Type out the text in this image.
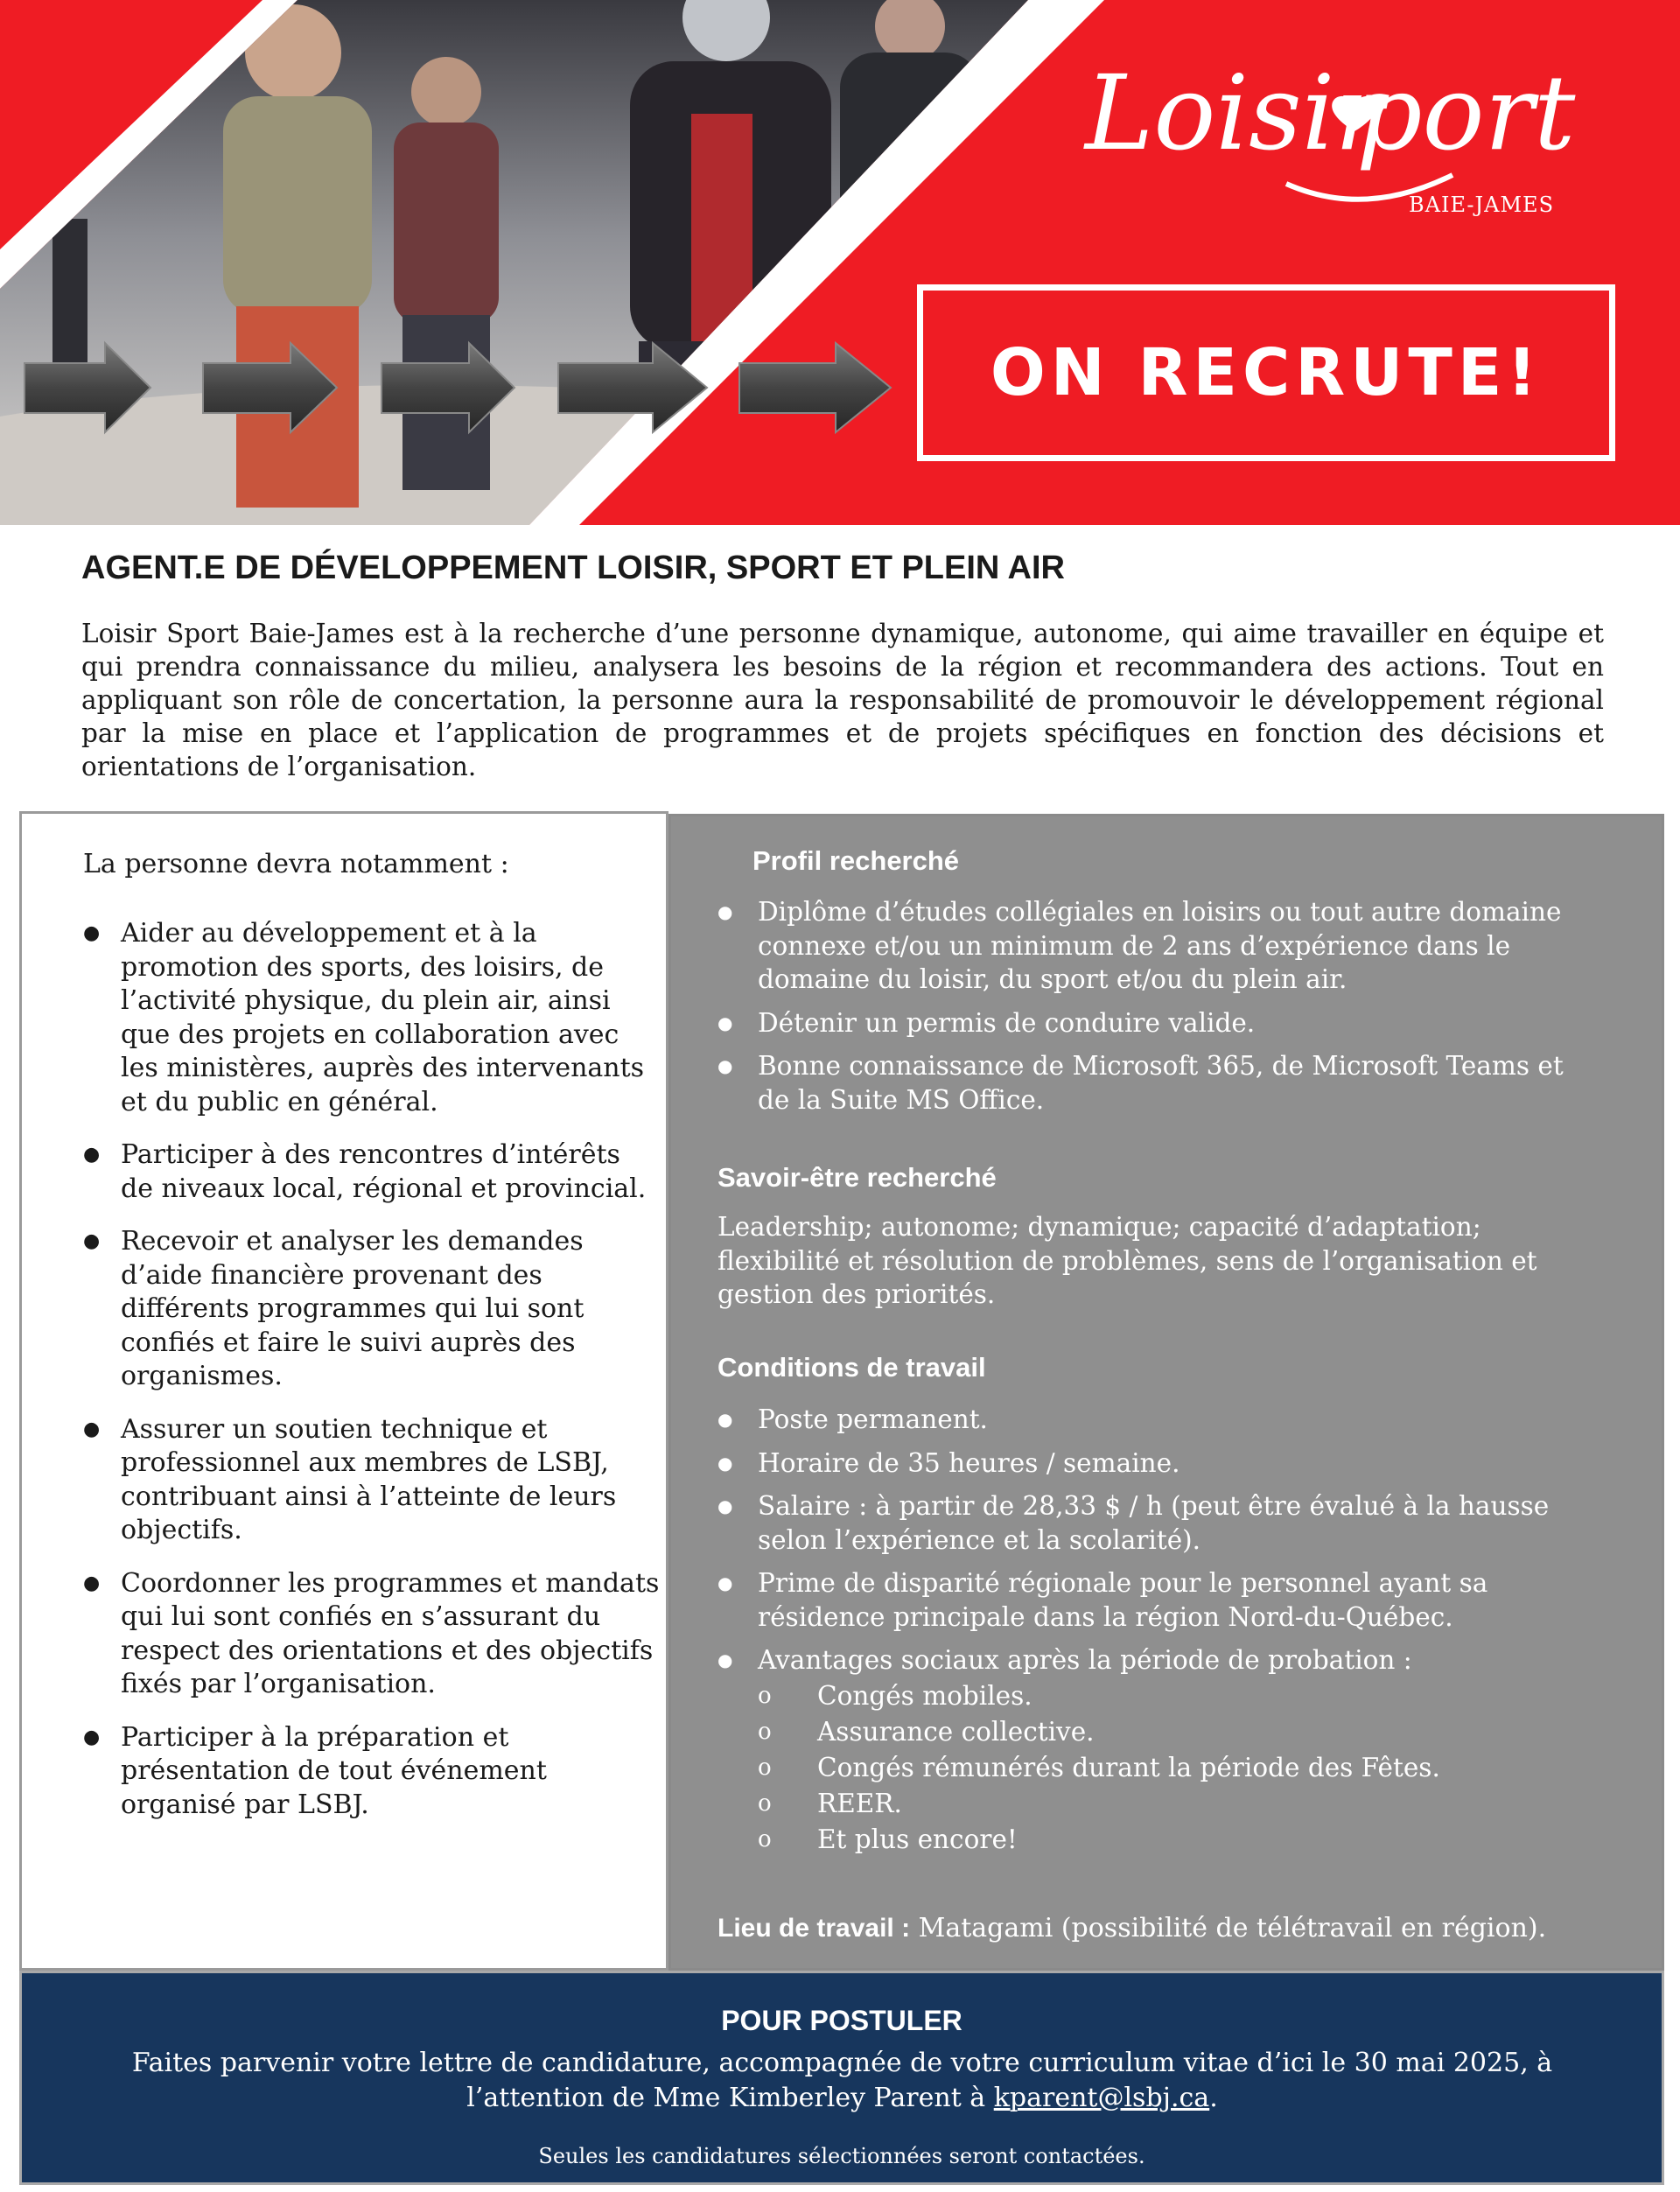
Loisir
port
BAIE-JAMES
ON RECRUTE!
AGENT.E DE DÉVELOPPEMENT LOISIR, SPORT ET PLEIN AIR

Loisir Sport Baie-James est à la recherche d’une personne dynamique, autonome, qui aime travailler en équipe et qui prendra connaissance du milieu, analysera les besoins de la région et recommandera des actions. Tout en appliquant son rôle de concertation, la personne aura la responsabilité de promouvoir le développement régional par la mise en place et l’application de programmes et de projets spécifiques en fonction des décisions et orientations de l’organisation.

La personne devra notamment :

● Aider au développement et à la promotion des sports, des loisirs, de l’activité physique, du plein air, ainsi que des projets en collaboration avec les ministères, auprès des intervenants et du public en général.
● Participer à des rencontres d’intérêts de niveaux local, régional et provincial.
● Recevoir et analyser les demandes d’aide financière provenant des différents programmes qui lui sont confiés et faire le suivi auprès des organismes.
● Assurer un soutien technique et professionnel aux membres de LSBJ, contribuant ainsi à l’atteinte de leurs objectifs.
● Coordonner les programmes et mandats qui lui sont confiés en s’assurant du respect des orientations et des objectifs fixés par l’organisation.
● Participer à la préparation et présentation de tout événement organisé par LSBJ.
Profil recherché
● Diplôme d’études collégiales en loisirs ou tout autre domaine connexe et/ou un minimum de 2 ans d’expérience dans le domaine du loisir, du sport et/ou du plein air.
● Détenir un permis de conduire valide.
● Bonne connaissance de Microsoft 365, de Microsoft Teams et de la Suite MS Office.
Savoir-être recherché

Leadership; autonome; dynamique; capacité d’adaptation; flexibilité et résolution de problèmes, sens de l’organisation et gestion des priorités.

Conditions de travail
● Poste permanent.
● Horaire de 35 heures / semaine.
● Salaire : à partir de 28,33 $ / h (peut être évalué à la hausse selon l’expérience et la scolarité).
● Prime de disparité régionale pour le personnel ayant sa résidence principale dans la région Nord-du-Québec.
● Avantages sociaux après la période de probation :
o Congés mobiles.
o Assurance collective.
o Congés rémunérés durant la période des Fêtes.
o REER.
o Et plus encore!

Lieu de travail : Matagami (possibilité de télétravail en région).

POUR POSTULER

Faites parvenir votre lettre de candidature, accompagnée de votre curriculum vitae d’ici le 30 mai 2025, à l’attention de Mme Kimberley Parent à kparent@lsbj.ca.

Seules les candidatures sélectionnées seront contactées.
